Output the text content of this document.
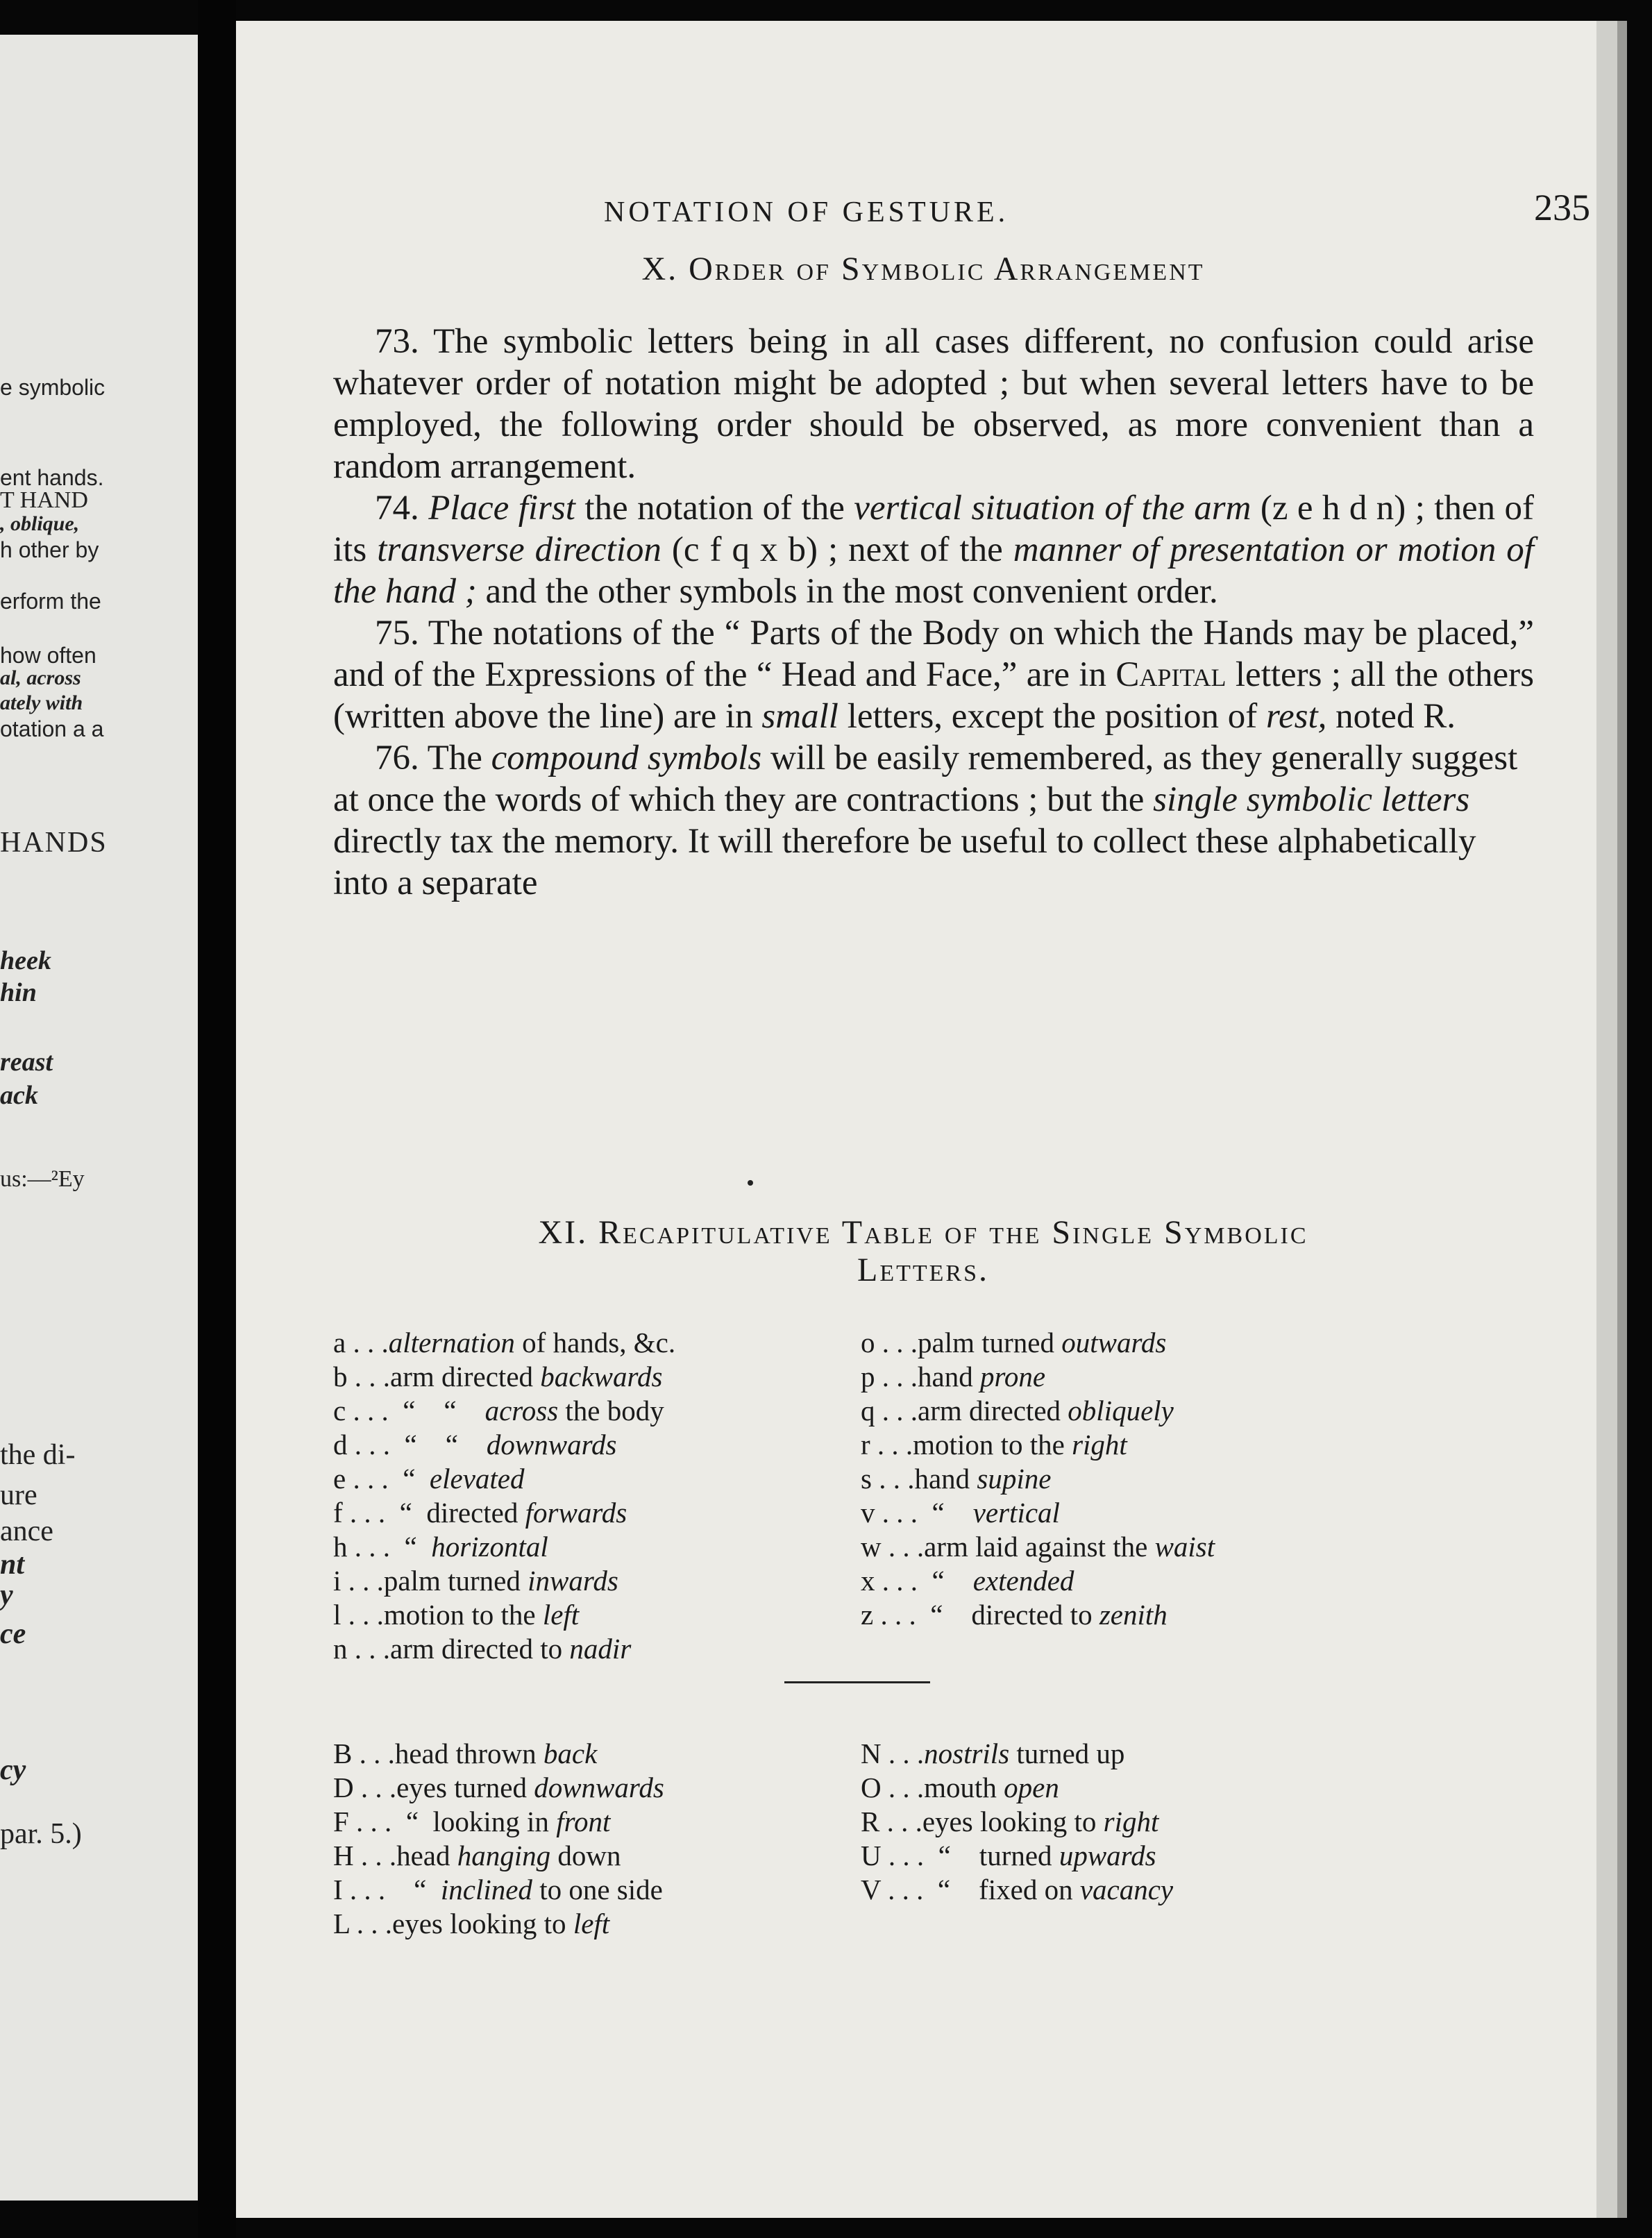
e symbolic
ent hands.
T HAND
, oblique,
h other by
erform the
how often
al, across
ately with
otation a a
HANDS
heek
hin
reast
ack
us:—²Ey
the di-
ure
ance
nt
y
ce
cy
par. 5.)
NOTATION OF GESTURE.	235
X. Order of Symbolic Arrangement

73. The symbolic letters being in all cases different, no confusion could arise whatever order of notation might be adopted ; but when several letters have to be employed, the following order should be observed, as more convenient than a random arrangement.

74. Place first the notation of the vertical situation of the arm (z e h d n) ; then of its transverse direction (c f q x b) ; next of the manner of presentation or motion of the hand ; and the other symbols in the most convenient order.

75. The notations of the “ Parts of the Body on which the Hands may be placed,” and of the Expressions of the “ Head and Face,” are in Capital letters ; all the others (written above the line) are in small letters, except the position of rest, noted R.

76. The compound symbols will be easily remembered, as they generally suggest at once the words of which they are contractions ; but the single symbolic letters directly tax the memory. It will therefore be useful to collect these alphabetically into a separate

XI. Recapitulative Table of the Single Symbolic
Letters.
a . . .alternation of hands, &c.
b . . .arm directed backwards
c . . .  “    “    across the body
d . . .  “    “    downwards
e . . .  “  elevated
f . . .  “  directed forwards
h . . .  “  horizontal
i . . .palm turned inwards
l . . .motion to the left
n . . .arm directed to nadir
o . . .palm turned outwards
p . . .hand prone
q . . .arm directed obliquely
r . . .motion to the right
s . . .hand supine
v . . .  “    vertical
w . . .arm laid against the waist
x . . .  “    extended
z . . .  “    directed to zenith
B . . .head thrown back
D . . .eyes turned downwards
F . . .  “  looking in front
H . . .head hanging down
I . . .    “  inclined to one side
L . . .eyes looking to left
N . . .nostrils turned up
O . . .mouth open
R . . .eyes looking to right
U . . .  “    turned upwards
V . . .  “    fixed on vacancy
